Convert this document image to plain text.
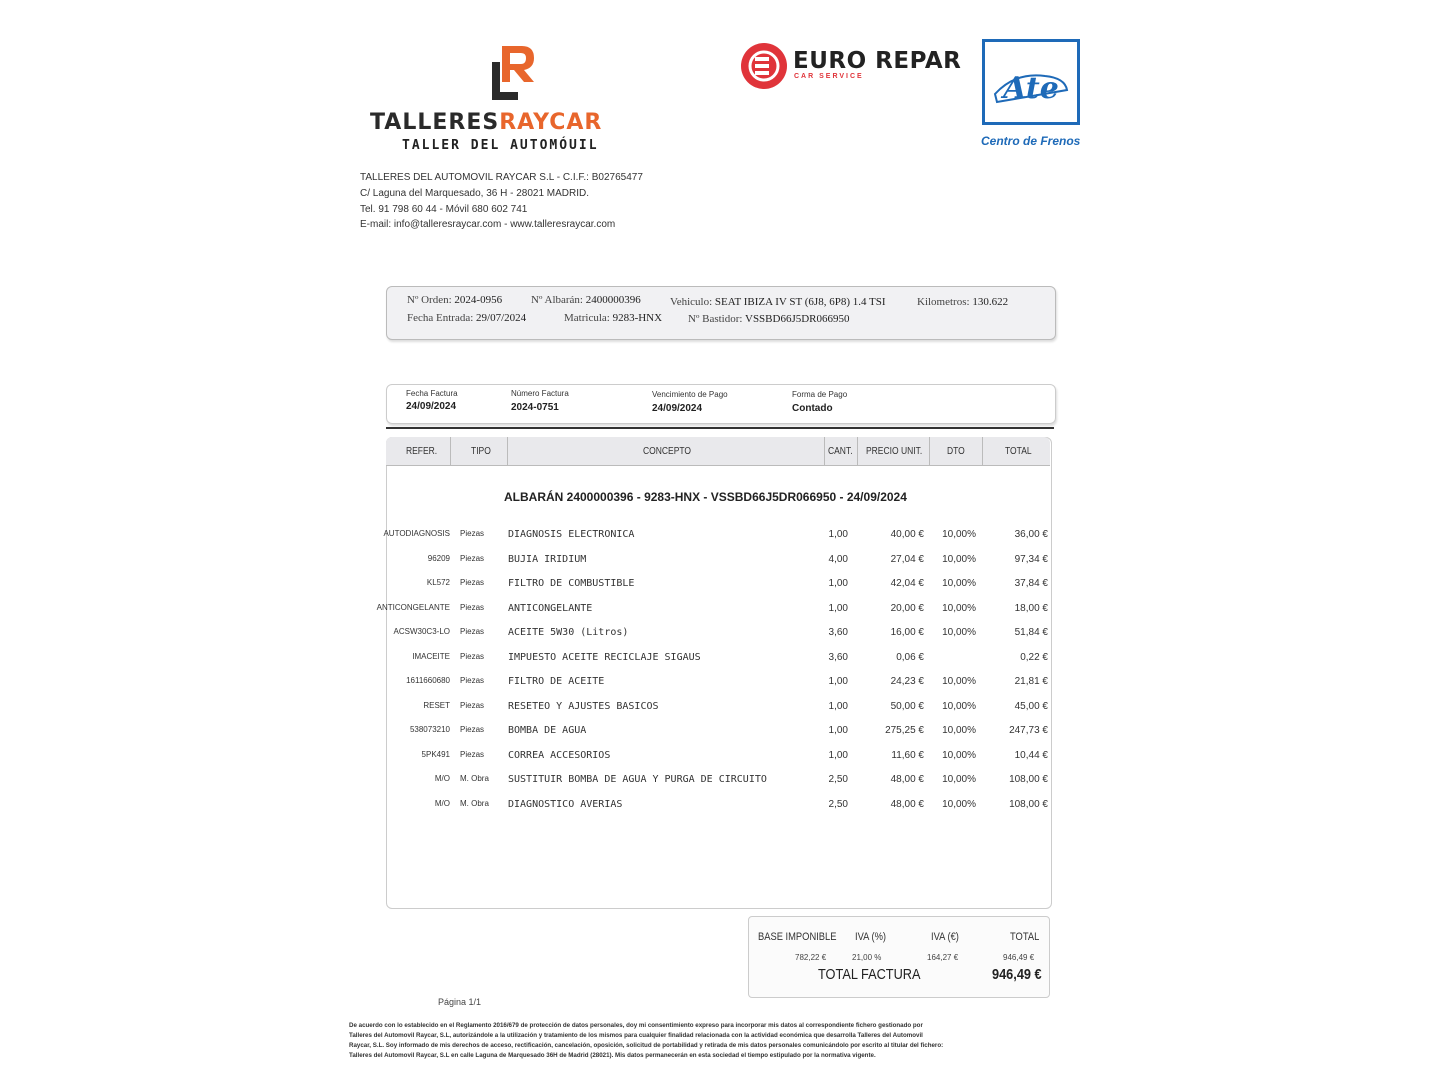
TALLERESRAYCAR
TALLER DEL AUTOMÓUIL
EURO REPAR
CAR SERVICE	Ate
Centro de Frenos
TALLERES DEL AUTOMOVIL RAYCAR S.L - C.I.F.: B02765477
C/ Laguna del Marquesado, 36 H - 28021 MADRID.
Tel. 91 798 60 44 - Móvil 680 602 741
E-mail: info@talleresraycar.com - www.talleresraycar.com
Nº Orden: 2024-0956	Nº Albarán: 2400000396	Vehiculo: SEAT IBIZA IV ST (6J8, 6P8) 1.4 TSI	Kilometros: 130.622
Fecha Entrada: 29/07/2024	Matricula: 9283-HNX Nº Bastidor: VSSBD66J5DR066950
Fecha Factura
24/09/2024
Número Factura
2024-0751
Vencimiento de Pago
24/09/2024
Forma de Pago
Contado
REFER.	TIPO	CONCEPTO	CANT. PRECIO UNIT. DTO	TOTAL
ALBARÁN 2400000396 - 9283-HNX - VSSBD66J5DR066950 - 24/09/2024
AUTODIAGNOSIS Piezas DIAGNOSIS ELECTRONICA	1,00	40,00 € 10,00%	36,00 €
96209 Piezas BUJIA IRIDIUM	4,00	27,04 € 10,00%	97,34 €
KL572 Piezas FILTRO DE COMBUSTIBLE	1,00	42,04 € 10,00%	37,84 €
ANTICONGELANTE Piezas ANTICONGELANTE	1,00	20,00 € 10,00%	18,00 €
ACSW30C3-LO Piezas ACEITE 5W30 (Litros)	3,60	16,00 € 10,00%	51,84 €
IMACEITE Piezas IMPUESTO ACEITE RECICLAJE SIGAUS	3,60	0,06 €	0,22 €
1611660680 Piezas FILTRO DE ACEITE	1,00	24,23 € 10,00%	21,81 €
RESET Piezas RESETEO Y AJUSTES BASICOS	1,00	50,00 € 10,00%	45,00 €
538073210 Piezas BOMBA DE AGUA	1,00	275,25 € 10,00%	247,73 €
5PK491 Piezas CORREA ACCESORIOS	1,00	11,60 € 10,00%	10,44 €
M/O M. Obra SUSTITUIR BOMBA DE AGUA Y PURGA DE CIRCUITO	2,50	48,00 € 10,00%	108,00 €
M/O M. Obra DIAGNOSTICO AVERIAS	2,50	48,00 € 10,00%	108,00 €
BASE IMPONIBLE IVA (%)	IVA (€)	TOTAL
782,22 €	21,00 %	164,27 €	946,49 €
TOTAL FACTURA	946,49 €
Página 1/1
De acuerdo con lo establecido en el Reglamento 2016/679 de protección de datos personales, doy mi consentimiento expreso para incorporar mis datos al correspondiente fichero gestionado por
Talleres del Automovil Raycar, S.L, autorizándole a la utilización y tratamiento de los mismos para cualquier finalidad relacionada con la actividad económica que desarrolla Talleres del Automovil
Raycar, S.L. Soy informado de mis derechos de acceso, rectificación, cancelación, oposición, solicitud de portabilidad y retirada de mis datos personales comunicándolo por escrito al titular del fichero:
Talleres del Automovil Raycar, S.L en calle Laguna de Marquesado 36H de Madrid (28021). Mis datos permanecerán en esta sociedad el tiempo estipulado por la normativa vigente.
